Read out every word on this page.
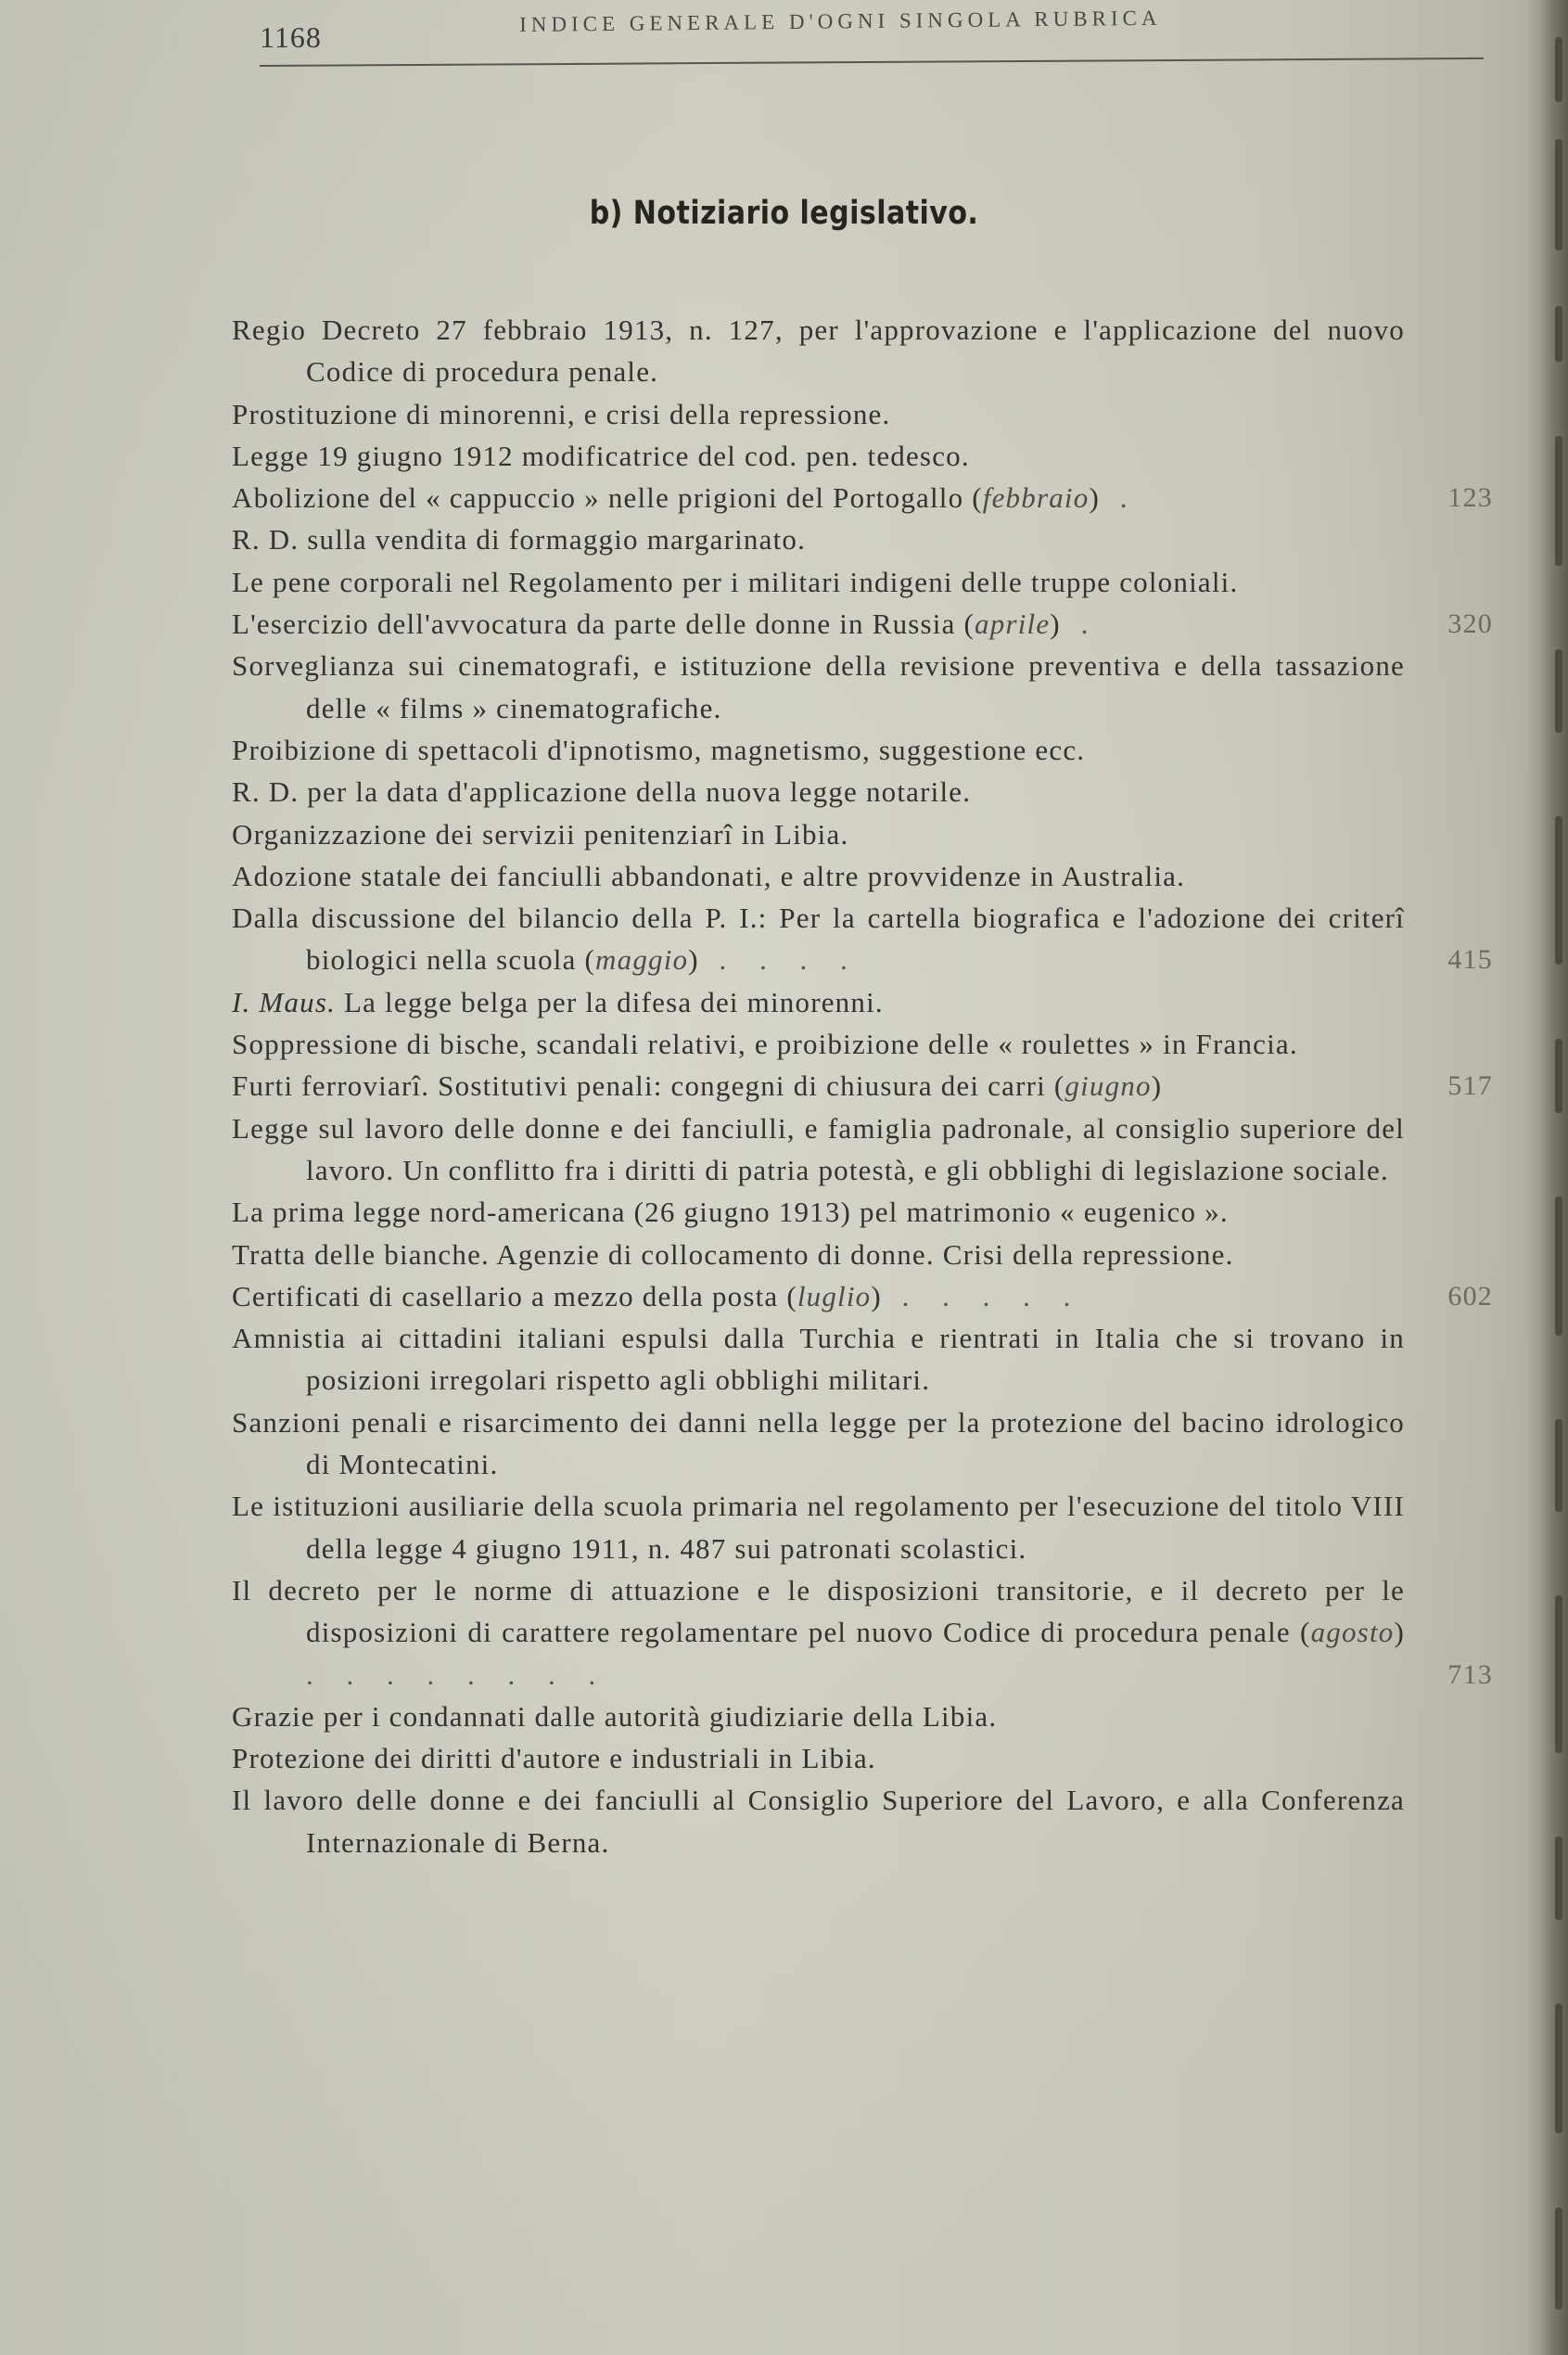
1168	INDICE GENERALE D'OGNI SINGOLA RUBRICA
b) Notiziario legislativo.
Regio Decreto 27 febbraio 1913, n. 127, per l'approvazione e l'applicazione del nuovo Codice di procedura penale.
Prostituzione di minorenni, e crisi della repressione.
Legge 19 giugno 1912 modificatrice del cod. pen. tedesco.
Abolizione del « cappuccio » nelle prigioni del Portogallo (febbraio) .	123
R. D. sulla vendita di formaggio margarinato.
Le pene corporali nel Regolamento per i militari indigeni delle truppe coloniali.
L'esercizio dell'avvocatura da parte delle donne in Russia (aprile) .	320
Sorveglianza sui cinematografi, e istituzione della revisione preventiva e della tassazione delle « films » cinematografiche.
Proibizione di spettacoli d'ipnotismo, magnetismo, suggestione ecc.
R. D. per la data d'applicazione della nuova legge notarile.
Organizzazione dei servizii penitenziarî in Libia.
Adozione statale dei fanciulli abbandonati, e altre provvidenze in Australia.
Dalla discussione del bilancio della P. I.: Per la cartella biografica e l'adozione dei criterî biologici nella scuola (maggio) . . . .	415
I. Maus. La legge belga per la difesa dei minorenni.
Soppressione di bische, scandali relativi, e proibizione delle « roulettes » in Francia.
Furti ferroviarî. Sostitutivi penali: congegni di chiusura dei carri (giugno)	517
Legge sul lavoro delle donne e dei fanciulli, e famiglia padronale, al consiglio superiore del lavoro. Un conflitto fra i diritti di patria potestà, e gli obblighi di legislazione sociale.
La prima legge nord-americana (26 giugno 1913) pel matrimonio « eugenico ».
Tratta delle bianche. Agenzie di collocamento di donne. Crisi della repressione.
Certificati di casellario a mezzo della posta (luglio) . . . . .	602
Amnistia ai cittadini italiani espulsi dalla Turchia e rientrati in Italia che si trovano in posizioni irregolari rispetto agli obblighi militari.
Sanzioni penali e risarcimento dei danni nella legge per la protezione del bacino idrologico di Montecatini.
Le istituzioni ausiliarie della scuola primaria nel regolamento per l'esecuzione del titolo VIII della legge 4 giugno 1911, n. 487 sui patronati scolastici.
Il decreto per le norme di attuazione e le disposizioni transitorie, e il decreto per le disposizioni di carattere regolamentare pel nuovo Codice di procedura penale (agosto) . . . . . . . .	713
Grazie per i condannati dalle autorità giudiziarie della Libia.
Protezione dei diritti d'autore e industriali in Libia.
Il lavoro delle donne e dei fanciulli al Consiglio Superiore del Lavoro, e alla Conferenza Internazionale di Berna.
